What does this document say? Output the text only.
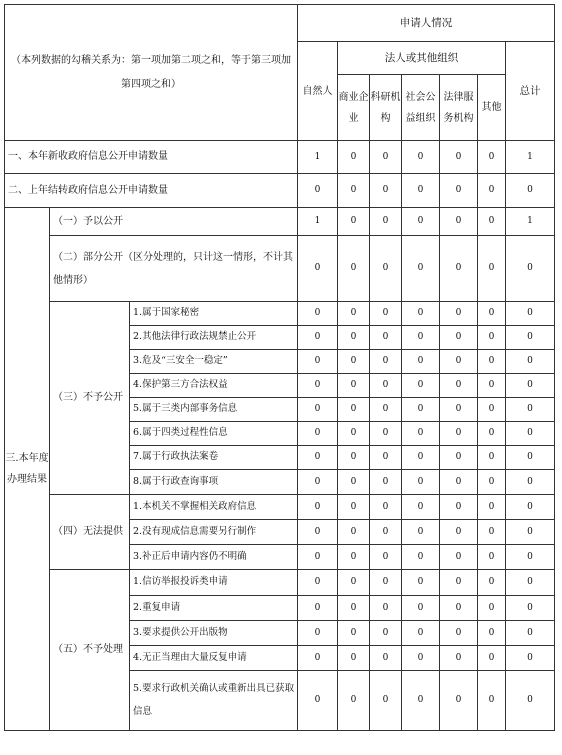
（本列数据的勾稽关系为：第一项加第二项之和，等于第三项加第四项之和）			申请人情况						
			自然人	法人或其他组织					总计
				商业企业	科研机构	社会公益组织	法律服务机构	其他	
一、本年新收政府信息公开申请数量			1	0	0	0	0	0	1
二、上年结转政府信息公开申请数量			0	0	0	0	0	0	0
三.本年度办理结果	（一）予以公开		1	0	0	0	0	0	1
	（二）部分公开（区分处理的，只计这一情形，不计其他情形）		0	0	0	0	0	0	0
	（三）不予公开	1.属于国家秘密	0	0	0	0	0	0	0
		2.其他法律行政法规禁止公开	0	0	0	0	0	0	0
		3.危及“三安全一稳定”	0	0	0	0	0	0	0
		4.保护第三方合法权益	0	0	0	0	0	0	0
		5.属于三类内部事务信息	0	0	0	0	0	0	0
		6.属于四类过程性信息	0	0	0	0	0	0	0
		7.属于行政执法案卷	0	0	0	0	0	0	0
		8.属于行政查询事项	0	0	0	0	0	0	0
	（四）无法提供	1.本机关不掌握相关政府信息	0	0	0	0	0	0	0
		2.没有现成信息需要另行制作	0	0	0	0	0	0	0
		3.补正后申请内容仍不明确	0	0	0	0	0	0	0
	（五）不予处理	1.信访举报投诉类申请	0	0	0	0	0	0	0
		2.重复申请	0	0	0	0	0	0	0
		3.要求提供公开出版物	0	0	0	0	0	0	0
		4.无正当理由大量反复申请	0	0	0	0	0	0	0
		5.要求行政机关确认或重新出具已获取信息	0	0	0	0	0	0	0
